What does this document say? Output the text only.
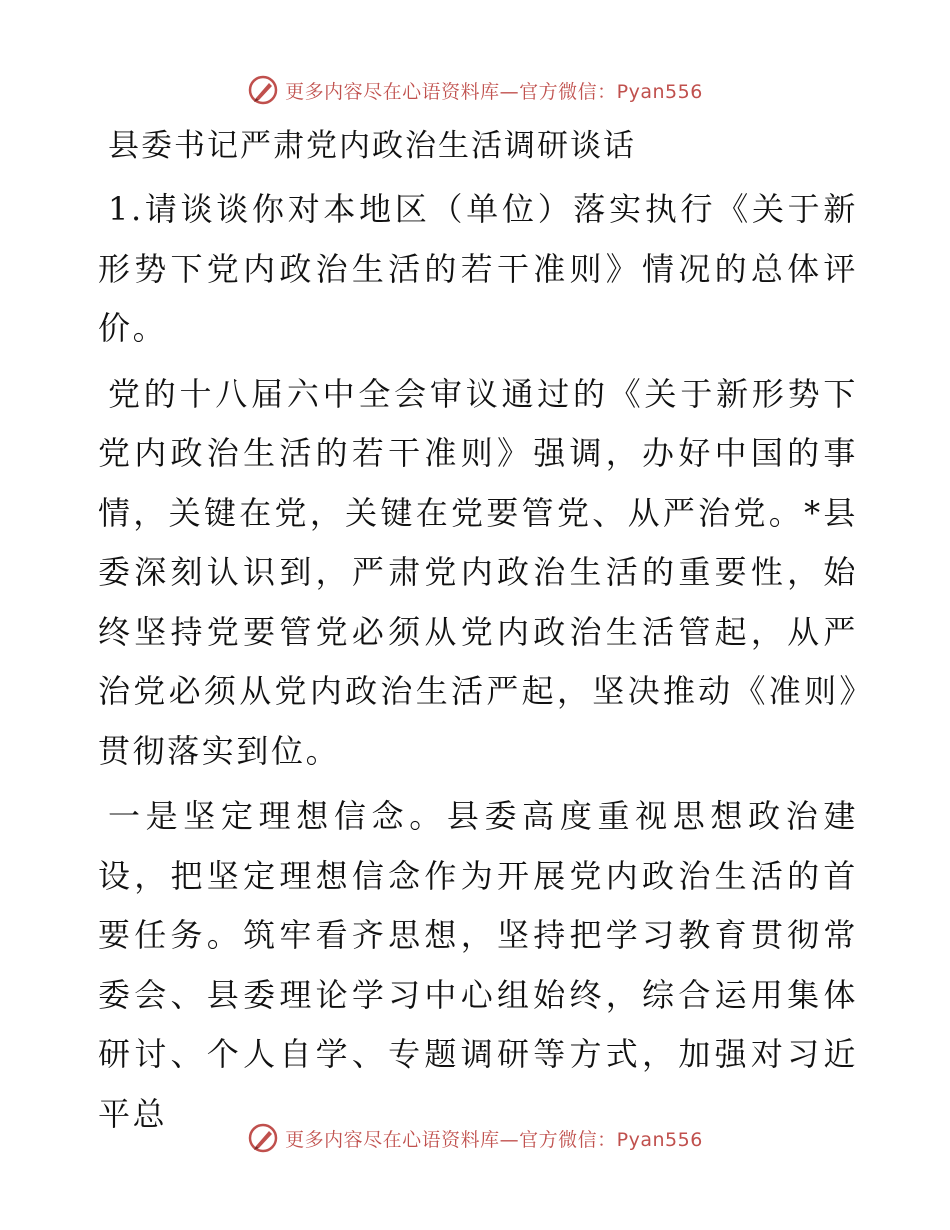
更多内容尽在心语资料库—官方微信：Pyan556
县委书记严肃党内政治生活调研谈话

1.请谈谈你对本地区（单位）落实执行《关于新形势下党内政治生活的若干准则》情况的总体评价。

党的十八届六中全会审议通过的《关于新形势下党内政治生活的若干准则》强调，办好中国的事情，关键在党，关键在党要管党、从严治党。*县委深刻认识到，严肃党内政治生活的重要性，始终坚持党要管党必须从党内政治生活管起，从严治党必须从党内政治生活严起，坚决推动《准则》贯彻落实到位。

一是坚定理想信念。县委高度重视思想政治建设，把坚定理想信念作为开展党内政治生活的首要任务。筑牢看齐思想，坚持把学习教育贯彻常委会、县委理论学习中心组始终，综合运用集体研讨、个人自学、专题调研等方式，加强对习近平总

更多内容尽在心语资料库—官方微信：Pyan556
